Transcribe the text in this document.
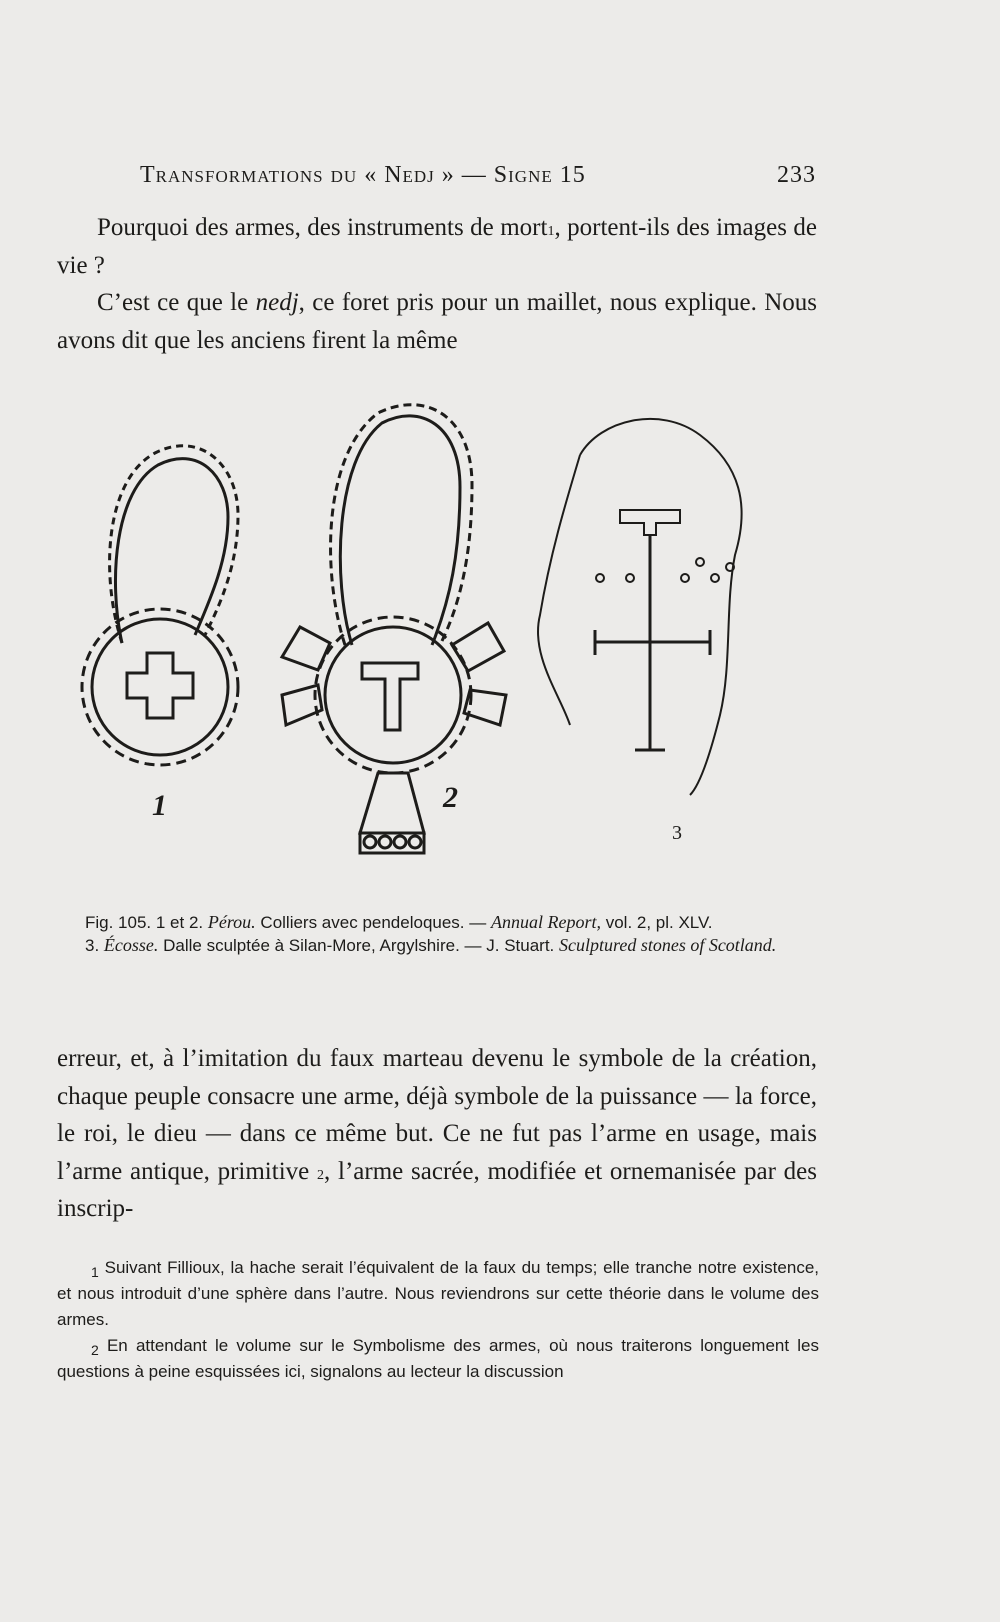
Transformations du « Nedj » — Signe 15	233

Pourquoi des armes, des instruments de mort$^1$, portent-ils des images de vie ?

C’est ce que le nedj, ce foret pris pour un maillet, nous explique. Nous avons dit que les anciens firent la même

1	2
3

Fig. 105. 1 et 2. Pérou. Colliers avec pendeloques. — Annual Report, vol. 2, pl. XLV.

3. Écosse. Dalle sculptée à Silan-More, Argylshire. — J. Stuart. Sculptured stones of Scotland.

erreur, et, à l’imitation du faux marteau devenu le symbole de la création, chaque peuple consacre une arme, déjà symbole de la puissance — la force, le roi, le dieu — dans ce même but. Ce ne fut pas l’arme en usage, mais l’arme antique, primitive $^2$, l’arme sacrée, modifiée et ornemanisée par des inscrip-

$^1$ Suivant Fillioux, la hache serait l’équivalent de la faux du temps; elle tranche notre existence, et nous introduit d’une sphère dans l’autre. Nous reviendrons sur cette théorie dans le volume des armes.

$^2$ En attendant le volume sur le Symbolisme des armes, où nous traiterons longuement les questions à peine esquissées ici, signalons au lecteur la discussion
